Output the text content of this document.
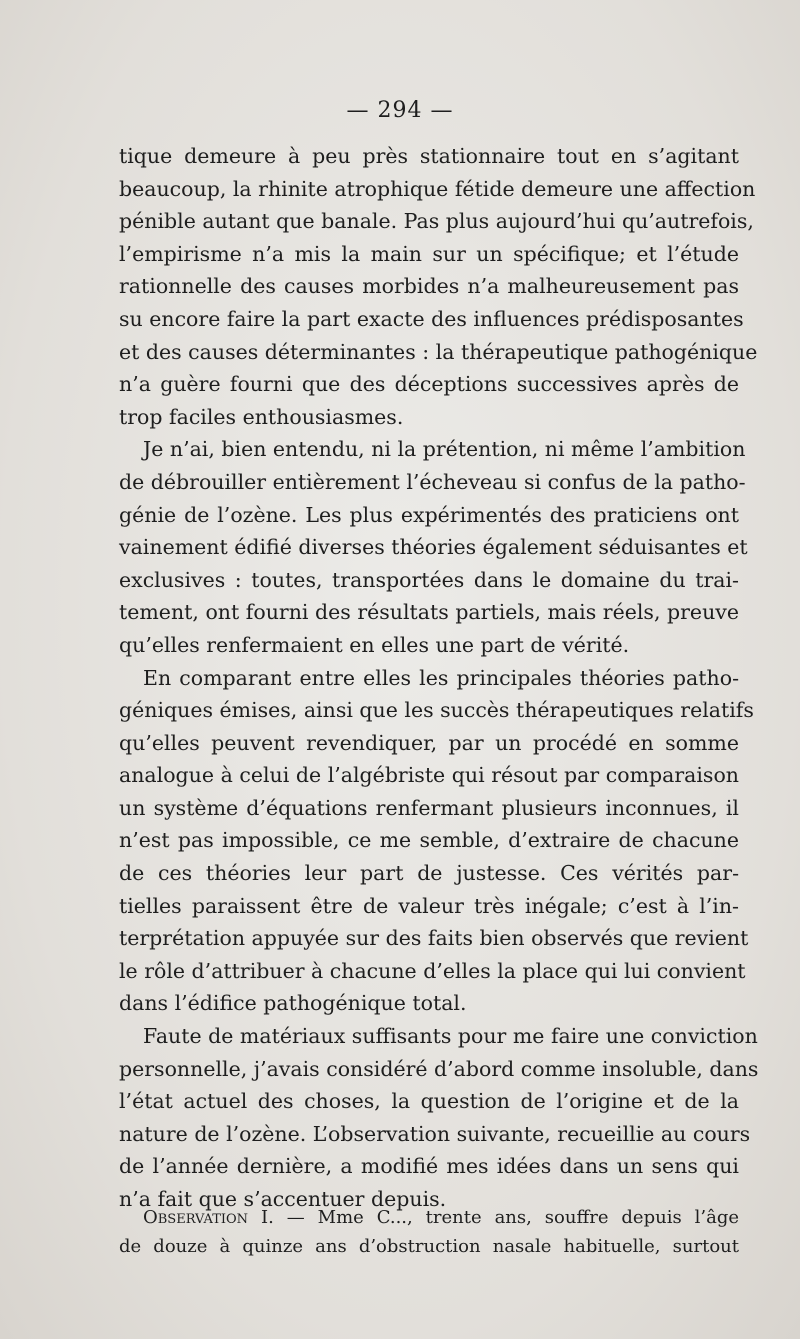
— 294 —
tique demeure à peu près stationnaire tout en s’agitant
beaucoup, la rhinite atrophique fétide demeure une affection
pénible autant que banale. Pas plus aujourd’hui qu’autrefois,
l’empirisme n’a mis la main sur un spécifique; et l’étude
rationnelle des causes morbides n’a malheureusement pas
su encore faire la part exacte des influences prédisposantes
et des causes déterminantes : la thérapeutique pathogénique
n’a guère fourni que des déceptions successives après de
trop faciles enthousiasmes.
Je n’ai, bien entendu, ni la prétention, ni même l’ambition
de débrouiller entièrement l’écheveau si confus de la patho-
génie de l’ozène. Les plus expérimentés des praticiens ont
vainement édifié diverses théories également séduisantes et
exclusives : toutes, transportées dans le domaine du trai-
tement, ont fourni des résultats partiels, mais réels, preuve
qu’elles renfermaient en elles une part de vérité.
En comparant entre elles les principales théories patho-
géniques émises, ainsi que les succès thérapeutiques relatifs
qu’elles peuvent revendiquer, par un procédé en somme
analogue à celui de l’algébriste qui résout par comparaison
un système d’équations renfermant plusieurs inconnues, il
n’est pas impossible, ce me semble, d’extraire de chacune
de ces théories leur part de justesse. Ces vérités par-
tielles paraissent être de valeur très inégale; c’est à l’in-
terprétation appuyée sur des faits bien observés que revient
le rôle d’attribuer à chacune d’elles la place qui lui convient
dans l’édifice pathogénique total.
Faute de matériaux suffisants pour me faire une conviction
personnelle, j’avais considéré d’abord comme insoluble, dans
l’état actuel des choses, la question de l’origine et de la
nature de l’ozène. L’observation suivante, recueillie au cours
de l’année dernière, a modifié mes idées dans un sens qui
n’a fait que s’accentuer depuis.
Observation I. — Mme C..., trente ans, souffre depuis l’âge
de douze à quinze ans d’obstruction nasale habituelle, surtout
